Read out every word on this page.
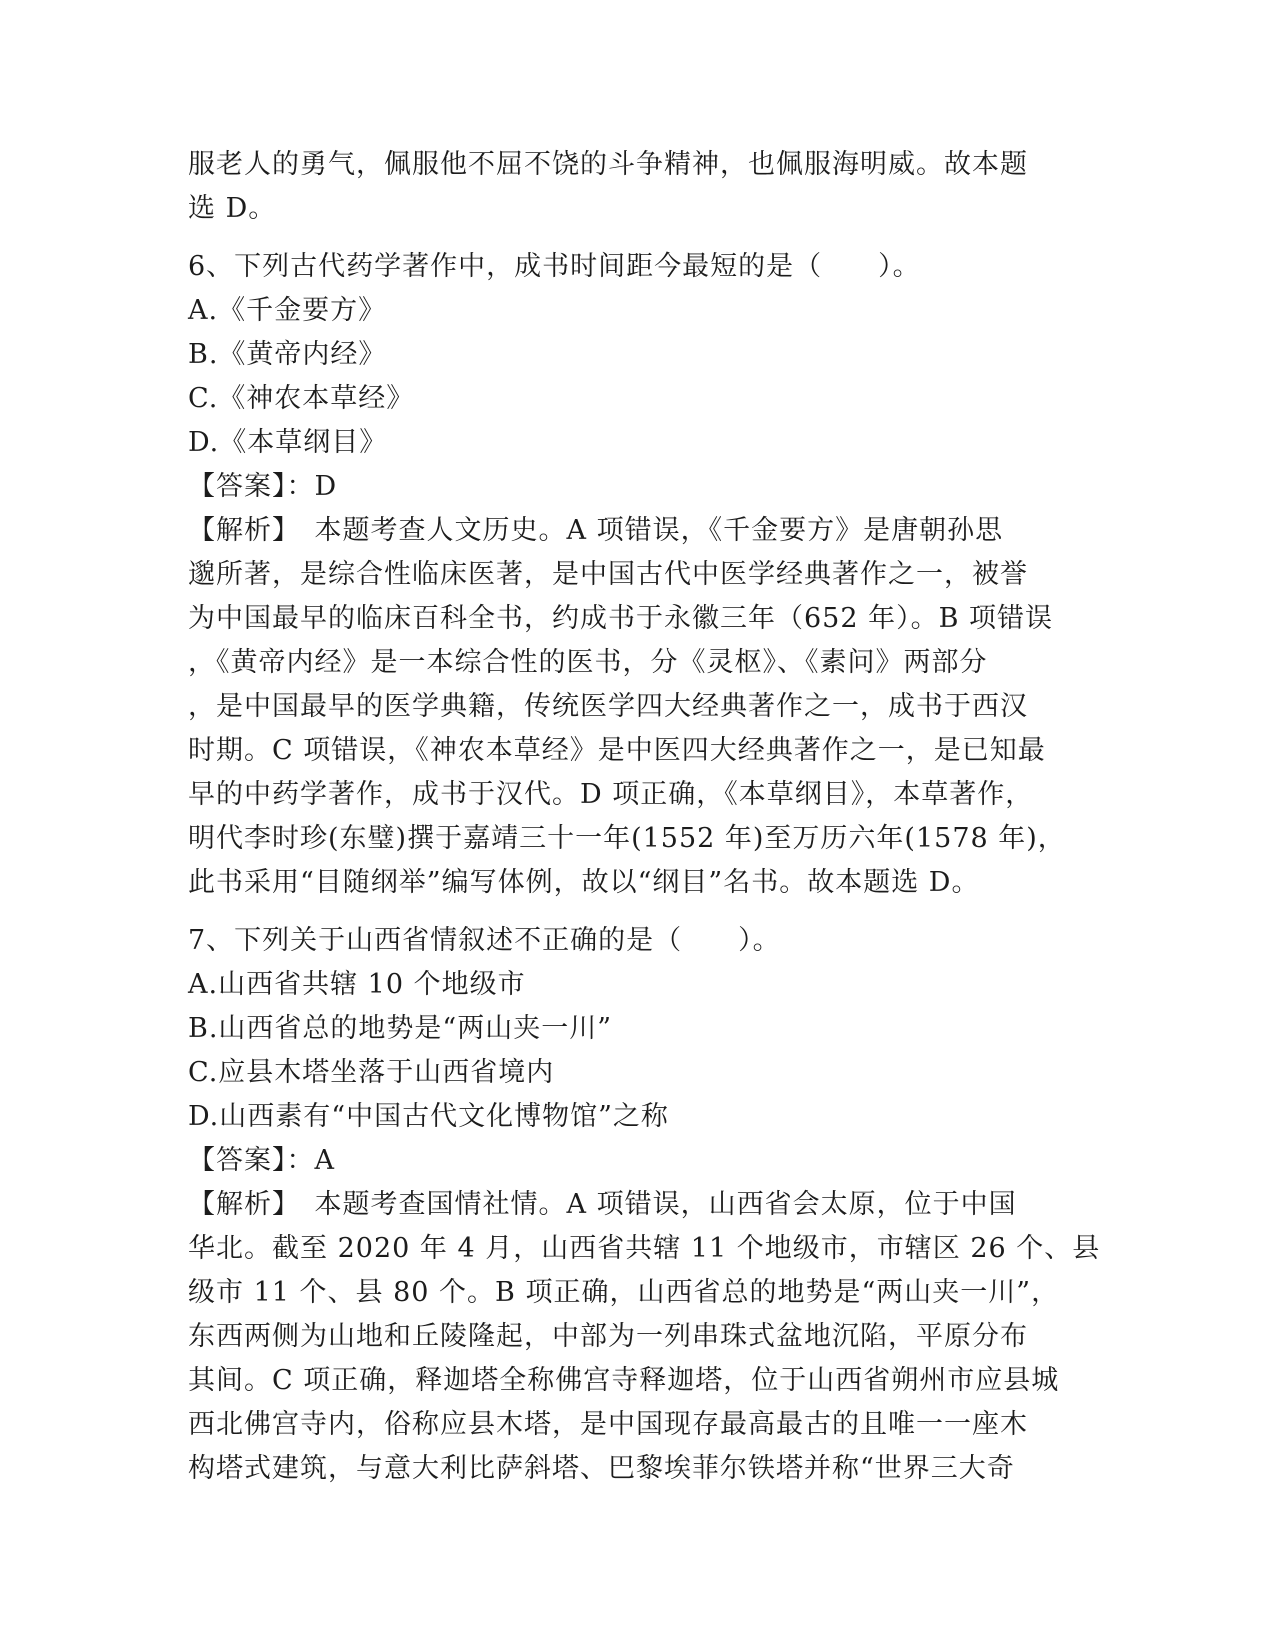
服老人的勇气，佩服他不屈不饶的斗争精神，也佩服海明威。故本题
选 D。
6、下列古代药学著作中，成书时间距今最短的是（　　）。
A.《千金要方》
B.《黄帝内经》
C.《神农本草经》
D.《本草纲目》
【答案】：D
【解析】　本题考查人文历史。A 项错误，《千金要方》是唐朝孙思
邈所著，是综合性临床医著，是中国古代中医学经典著作之一，被誉
为中国最早的临床百科全书，约成书于永徽三年（652 年）。B 项错误
，《黄帝内经》是一本综合性的医书，分《灵枢》、《素问》两部分
，是中国最早的医学典籍，传统医学四大经典著作之一，成书于西汉
时期。C 项错误，《神农本草经》是中医四大经典著作之一，是已知最
早的中药学著作，成书于汉代。D 项正确，《本草纲目》，本草著作，
明代李时珍(东璧)撰于嘉靖三十一年(1552 年)至万历六年(1578 年)，
此书采用“目随纲举”编写体例，故以“纲目”名书。故本题选 D。
7、下列关于山西省情叙述不正确的是（　　）。
A.山西省共辖 10 个地级市
B.山西省总的地势是“两山夹一川”
C.应县木塔坐落于山西省境内
D.山西素有“中国古代文化博物馆”之称
【答案】：A
【解析】　本题考查国情社情。A 项错误，山西省会太原，位于中国
华北。截至 2020 年 4 月，山西省共辖 11 个地级市，市辖区 26 个、县
级市 11 个、县 80 个。B 项正确，山西省总的地势是“两山夹一川”，
东西两侧为山地和丘陵隆起，中部为一列串珠式盆地沉陷，平原分布
其间。C 项正确，释迦塔全称佛宫寺释迦塔，位于山西省朔州市应县城
西北佛宫寺内，俗称应县木塔，是中国现存最高最古的且唯一一座木
构塔式建筑，与意大利比萨斜塔、巴黎埃菲尔铁塔并称“世界三大奇
